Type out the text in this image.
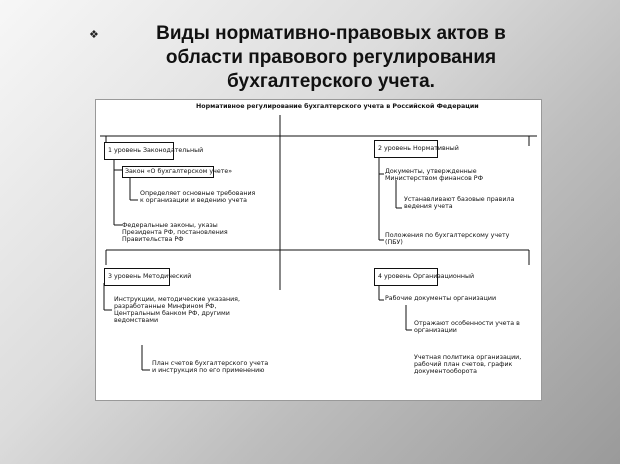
❖	Виды нормативно-правовых актов в
области правового регулирования
бухгалтерского учета.
Нормативное регулирование бухгалтерского учета в Российской Федерации
1 уровень Законодательный	2 уровень Нормативный
3 уровень Методический	4 уровень Организационный
Закон «О бухгалтерском учете»
Определяет основные требования к организации и ведению учета
Федеральные законы, указы Президента РФ, постановления Правительства РФ
Документы, утвержденные Министерством финансов РФ
Устанавливают базовые правила ведения учета
Положения по бухгалтерскому учету (ПБУ)
Инструкции, методические указания, разработанные Минфином РФ, Центральным банком РФ, другими ведомствами
План счетов бухгалтерского учета и инструкция по его применению
Рабочие документы организации
Отражают особенности учета в организации
Учетная политика организации, рабочий план счетов, график документооборота
